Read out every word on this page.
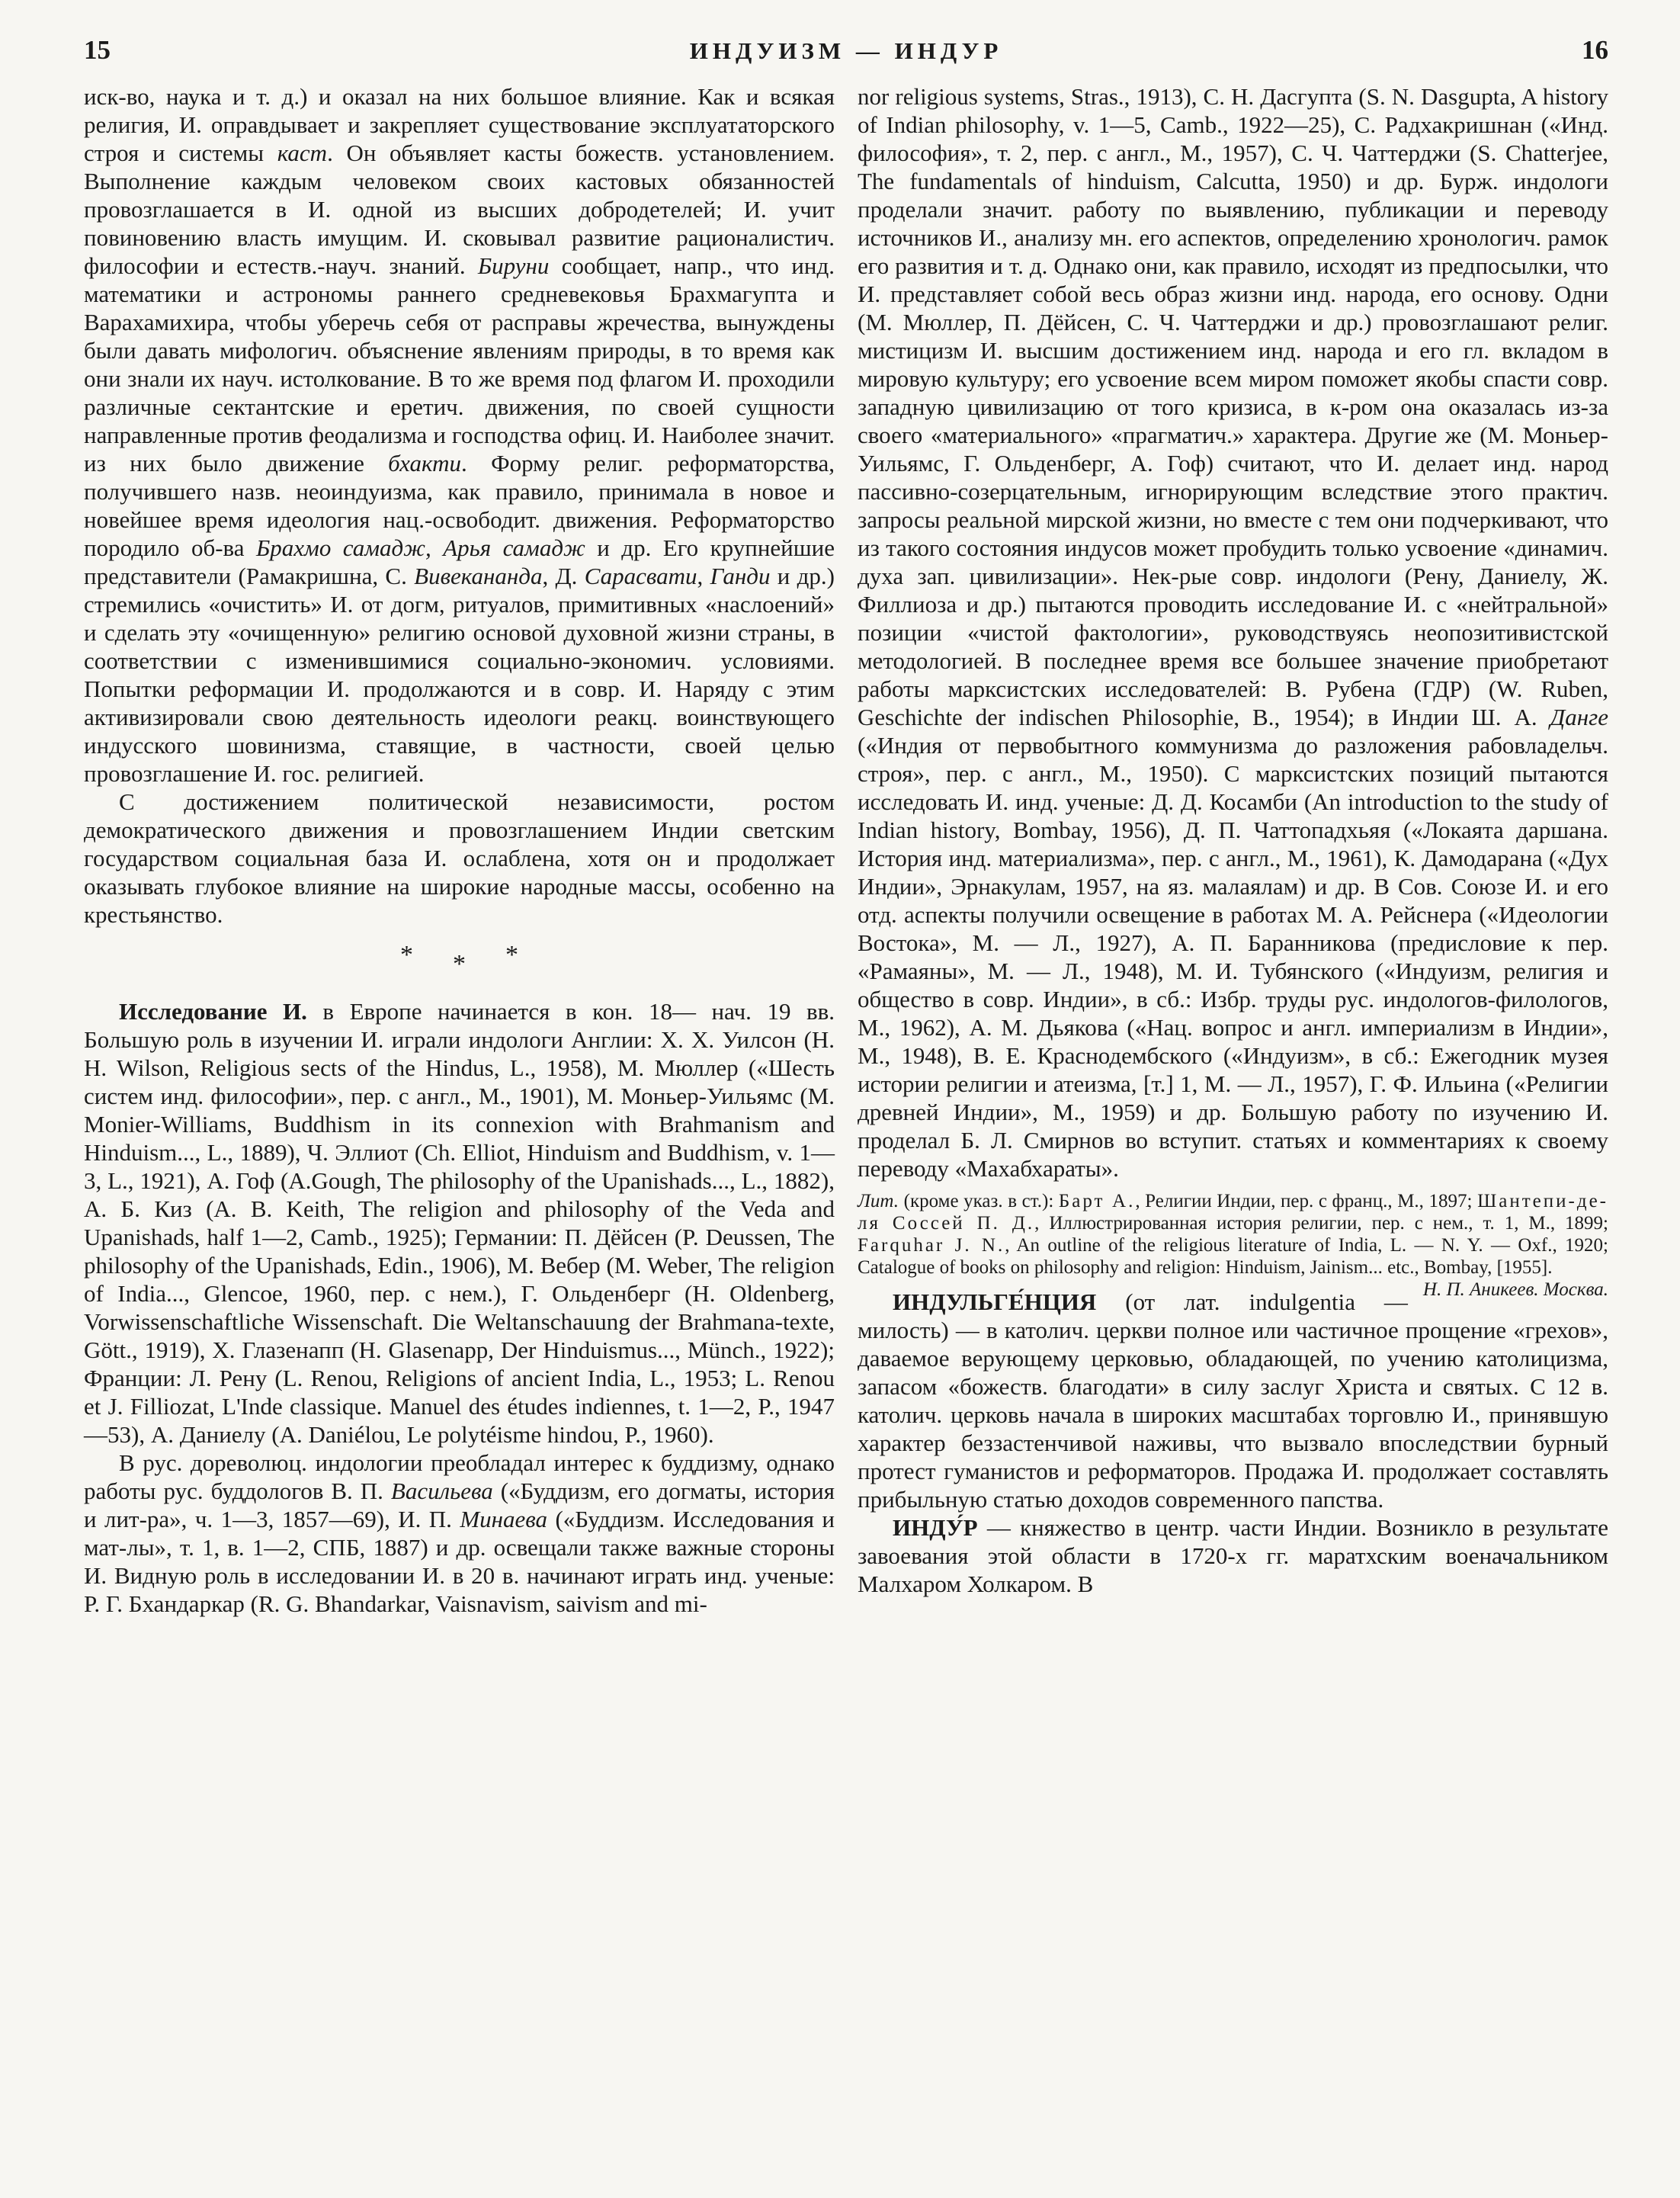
15	ИНДУИЗМ — ИНДУР	16

иск-во, наука и т. д.) и оказал на них большое влияние. Как и всякая религия, И. оправдывает и закрепляет существование эксплуататорского строя и системы каст. Он объявляет касты божеств. установлением. Выполнение каждым человеком своих кастовых обязанностей провозглашается в И. одной из высших добродетелей; И. учит повиновению власть имущим. И. сковывал развитие рационалистич. философии и естеств.-науч. знаний. Бируни сообщает, напр., что инд. математики и астрономы раннего средневековья Брахмагупта и Варахамихира, чтобы уберечь себя от расправы жречества, вынуждены были давать мифологич. объяснение явлениям природы, в то время как они знали их науч. истолкование. В то же время под флагом И. проходили различные сектантские и еретич. движения, по своей сущности направленные против феодализма и господства офиц. И. Наиболее значит. из них было движение бхакти. Форму религ. реформаторства, получившего назв. неоиндуизма, как правило, принимала в новое и новейшее время идеология нац.-освободит. движения. Реформаторство породило об-ва Брахмо самадж, Арья самадж и др. Его крупнейшие представители (Рамакришна, С. Вивекананда, Д. Сарасвати, Ганди и др.) стремились «очистить» И. от догм, ритуалов, примитивных «наслоений» и сделать эту «очищенную» религию основой духовной жизни страны, в соответствии с изменившимися социально-экономич. условиями. Попытки реформации И. продолжаются и в совр. И. Наряду с этим активизировали свою деятельность идеологи реакц. воинствующего индусского шовинизма, ставящие, в частности, своей целью провозглашение И. гос. религией.

С достижением политической независимости, ростом демократического движения и провозглашением Индии светским государством социальная база И. ослаблена, хотя он и продолжает оказывать глубокое влияние на широкие народные массы, особенно на крестьянство.

* * *

Исследование И. в Европе начинается в кон. 18— нач. 19 вв. Большую роль в изучении И. играли индологи Англии: Х. Х. Уилсон (H. H. Wilson, Religious sects of the Hindus, L., 1958), М. Мюллер («Шесть систем инд. философии», пер. с англ., М., 1901), М. Моньер-Уильямс (M. Monier-Williams, Buddhism in its connexion with Brahmanism and Hinduism..., L., 1889), Ч. Эллиот (Ch. Elliot, Hinduism and Buddhism, v. 1—3, L., 1921), А. Гоф (A.Gough, The philosophy of the Upanishads..., L., 1882), А. Б. Киз (A. B. Keith, The religion and philosophy of the Veda and Upanishads, half 1—2, Camb., 1925); Германии: П. Дёйсен (P. Deussen, The philosophy of the Upanishads, Edin., 1906), М. Вебер (M. Weber, The religion of India..., Glencoe, 1960, пер. с нем.), Г. Ольденберг (H. Oldenberg, Vorwissenschaftliche Wissenschaft. Die Weltanschauung der Brahmana-texte, Gött., 1919), Х. Глазенапп (H. Glasenapp, Der Hinduismus..., Münch., 1922); Франции: Л. Рену (L. Renou, Religions of ancient India, L., 1953; L. Renou et J. Filliozat, L'Inde classique. Manuel des études indiennes, t. 1—2, P., 1947—53), А. Даниелу (A. Daniélou, Le polytéisme hindou, P., 1960).

В рус. дореволюц. индологии преобладал интерес к буддизму, однако работы рус. буддологов В. П. Васильева («Буддизм, его догматы, история и лит-ра», ч. 1—3, 1857—69), И. П. Минаева («Буддизм. Исследования и мат-лы», т. 1, в. 1—2, СПБ, 1887) и др. освещали также важные стороны И. Видную роль в исследовании И. в 20 в. начинают играть инд. ученые: Р. Г. Бхандаркар (R. G. Bhandarkar, Vaisnavism, saivism and mi-

nor religious systems, Stras., 1913), С. Н. Дасгупта (S. N. Dasgupta, A history of Indian philosophy, v. 1—5, Camb., 1922—25), С. Радхакришнан («Инд. философия», т. 2, пер. с англ., М., 1957), С. Ч. Чаттерджи (S. Chatterjee, The fundamentals of hinduism, Calcutta, 1950) и др. Бурж. индологи проделали значит. работу по выявлению, публикации и переводу источников И., анализу мн. его аспектов, определению хронологич. рамок его развития и т. д. Однако они, как правило, исходят из предпосылки, что И. представляет собой весь образ жизни инд. народа, его основу. Одни (М. Мюллер, П. Дёйсен, С. Ч. Чаттерджи и др.) провозглашают религ. мистицизм И. высшим достижением инд. народа и его гл. вкладом в мировую культуру; его усвоение всем миром поможет якобы спасти совр. западную цивилизацию от того кризиса, в к-ром она оказалась из-за своего «материального» «прагматич.» характера. Другие же (М. Моньер-Уильямс, Г. Ольденберг, А. Гоф) считают, что И. делает инд. народ пассивно-созерцательным, игнорирующим вследствие этого практич. запросы реальной мирской жизни, но вместе с тем они подчеркивают, что из такого состояния индусов может пробудить только усвоение «динамич. духа зап. цивилизации». Нек-рые совр. индологи (Рену, Даниелу, Ж. Филлиоза и др.) пытаются проводить исследование И. с «нейтральной» позиции «чистой фактологии», руководствуясь неопозитивистской методологией. В последнее время все большее значение приобретают работы марксистских исследователей: В. Рубена (ГДР) (W. Ruben, Geschichte der indischen Philosophie, B., 1954); в Индии Ш. А. Данге («Индия от первобытного коммунизма до разложения рабовладельч. строя», пер. с англ., М., 1950). С марксистских позиций пытаются исследовать И. инд. ученые: Д. Д. Косамби (An introduction to the study of Indian history, Bombay, 1956), Д. П. Чаттопадхьяя («Локаята даршана. История инд. материализма», пер. с англ., М., 1961), К. Дамодарана («Дух Индии», Эрнакулам, 1957, на яз. малаялам) и др. В Сов. Союзе И. и его отд. аспекты получили освещение в работах М. А. Рейснера («Идеологии Востока», М. — Л., 1927), А. П. Баранникова (предисловие к пер. «Рамаяны», М. — Л., 1948), М. И. Тубянского («Индуизм, религия и общество в совр. Индии», в сб.: Избр. труды рус. индологов-филологов, М., 1962), А. М. Дьякова («Нац. вопрос и англ. империализм в Индии», М., 1948), В. Е. Краснодембского («Индуизм», в сб.: Ежегодник музея истории религии и атеизма, [т.] 1, М. — Л., 1957), Г. Ф. Ильина («Религии древней Индии», М., 1959) и др. Большую работу по изучению И. проделал Б. Л. Смирнов во вступит. статьях и комментариях к своему переводу «Махабхараты».

Лит. (кроме указ. в ст.): Барт А., Религии Индии, пер. с франц., М., 1897; Шантепи-де-ля Соссей П. Д., Иллюстрированная история религии, пер. с нем., т. 1, М., 1899; Farquhar J. N., An outline of the religious literature of India, L. — N. Y. — Oxf., 1920; Catalogue of books on philosophy and religion: Hinduism, Jainism... etc., Bombay, [1955].
Н. П. Аникеев. Москва.

ИНДУЛЬГЕ́НЦИЯ (от лат. indulgentia — милость) — в католич. церкви полное или частичное прощение «грехов», даваемое верующему церковью, обладающей, по учению католицизма, запасом «божеств. благодати» в силу заслуг Христа и святых. С 12 в. католич. церковь начала в широких масштабах торговлю И., принявшую характер беззастенчивой наживы, что вызвало впоследствии бурный протест гуманистов и реформаторов. Продажа И. продолжает составлять прибыльную статью доходов современного папства.

ИНДУ́Р — княжество в центр. части Индии. Возникло в результате завоевания этой области в 1720-х гг. маратхским военачальником Малхаром Холкаром. В
